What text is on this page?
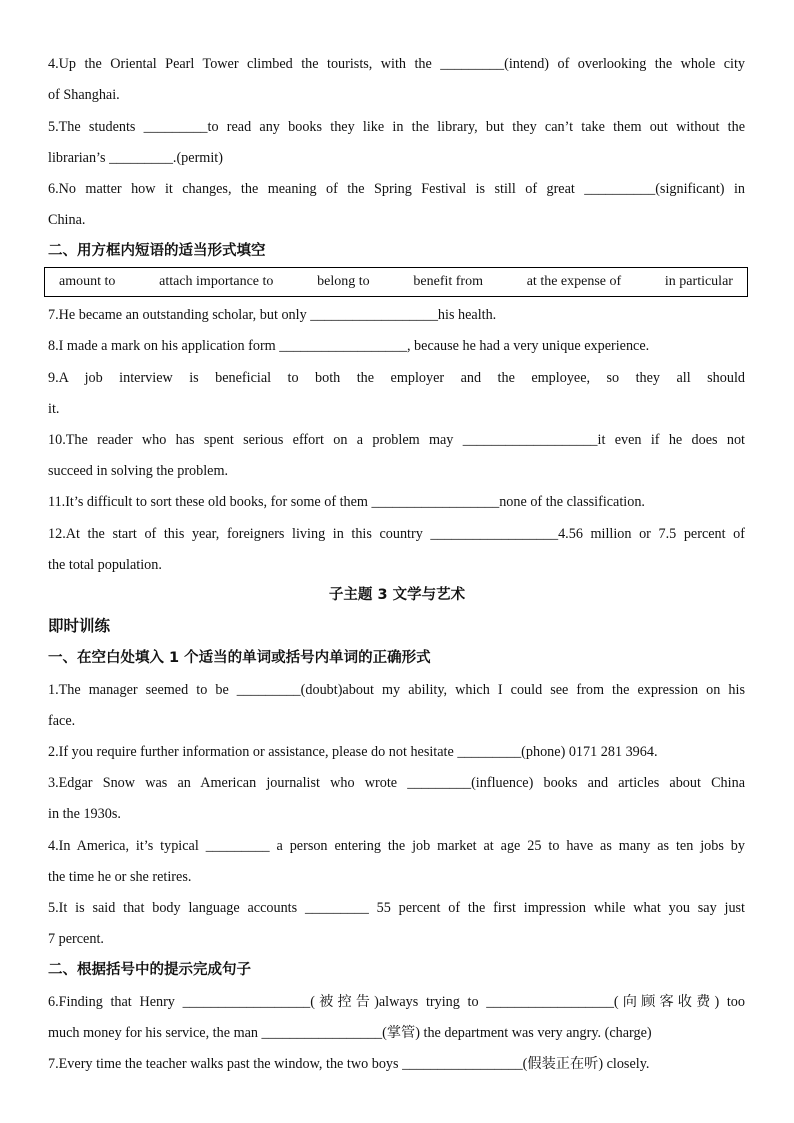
4.Up the Oriental Pearl Tower climbed the tourists, with the _________(intend) of overlooking the whole city
of Shanghai.
5.The students _________to read any books they like in the library, but they can’t take them out without the
librarian’s _________.(permit)
6.No matter how it changes, the meaning of the Spring Festival is still of great __________(significant) in
China.
二、用方框内短语的适当形式填空
amount to	attach importance to	belong to	benefit from	at the expense of	in particular
7.He became an outstanding scholar, but only __________________his health.
8.I made a mark on his application form __________________, because he had a very unique experience.
9.A job interview is beneficial to both the employer and the employee, so they all should
it.
10.The reader who has spent serious effort on a problem may ___________________it even if he does not
succeed in solving the problem.
11.It’s difficult to sort these old books, for some of them __________________none of the classification.
12.At the start of this year, foreigners living in this country __________________4.56 million or 7.5 percent of
the total population.
子主题 3 文学与艺术
即时训练
一、在空白处填入 1 个适当的单词或括号内单词的正确形式
1.The manager seemed to be _________(doubt)about my ability, which I could see from the expression on his
face.
2.If you require further information or assistance, please do not hesitate _________(phone) 0171 281 3964.
3.Edgar Snow was an American journalist who wrote _________(influence) books and articles about China
in the 1930s.
4.In America, it’s typical _________ a person entering the job market at age 25 to have as many as ten jobs by
the time he or she retires.
5.It is said that body language accounts _________ 55 percent of the first impression while what you say just
7 percent.
二、根据括号中的提示完成句子
6.Finding that Henry __________________(被控告)always trying to __________________(向顾客收费) too
much money for his service, the man _________________(掌管) the department was very angry. (charge)
7.Every time the teacher walks past the window, the two boys _________________(假装正在听) closely.
